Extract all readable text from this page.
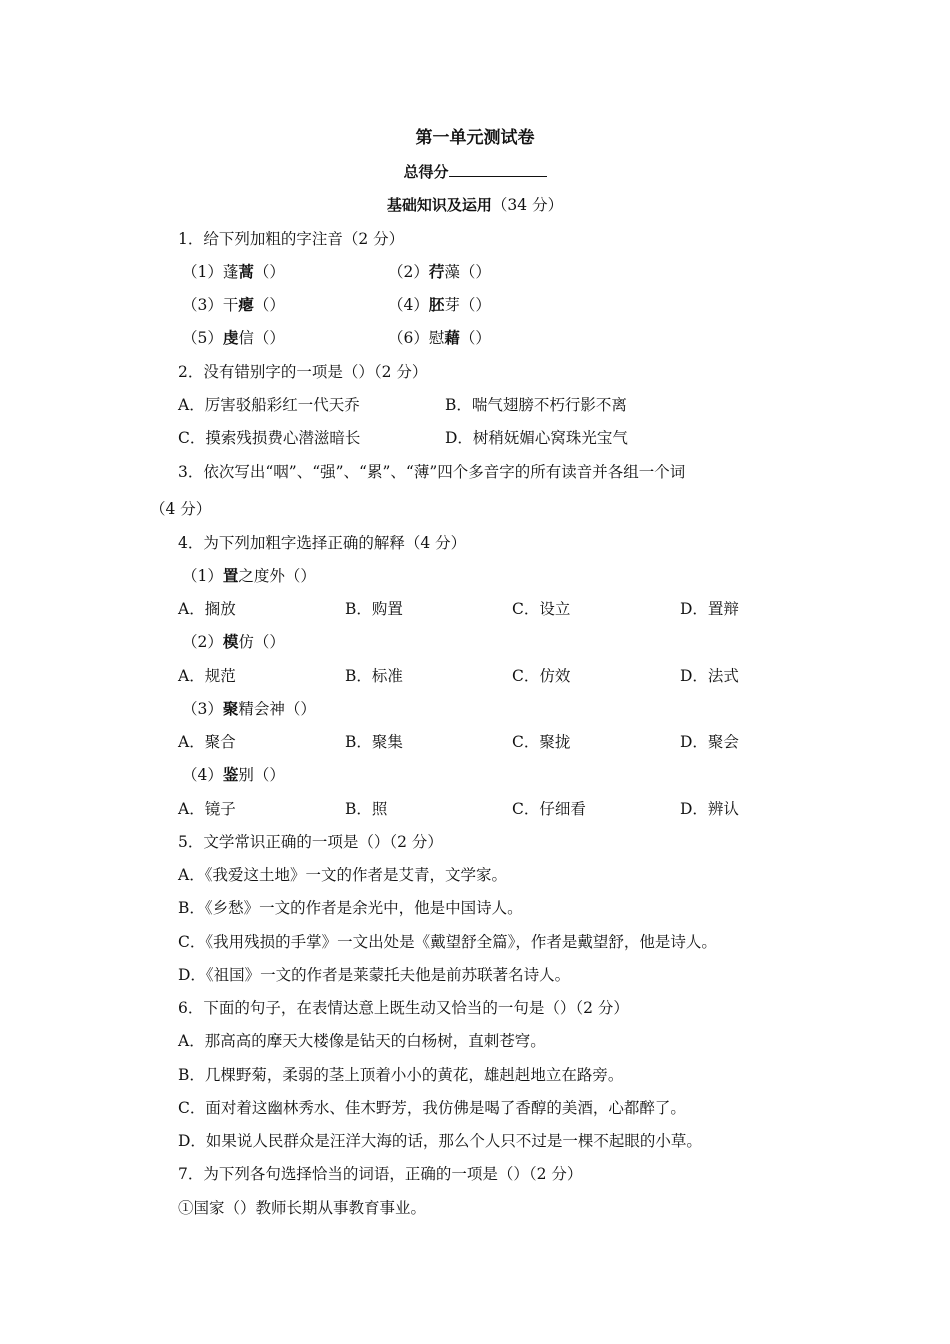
第一单元测试卷
总得分
基础知识及运用（34 分）
1．给下列加粗的字注音（2 分）
（1）蓬蒿（）	（2）荇藻（）
（3）干瘪（）	（4）胚芽（）
（5）虔信（）	（6）慰藉（）
2．没有错别字的一项是（）（2 分）
A．厉害驳船彩红一代天乔	B．喘气翅膀不朽行影不离
C．摸索残损费心潜滋暗长	D．树稍妩媚心窝珠光宝气
3．依次写出“咽”、“强”、“累”、“薄”四个多音字的所有读音并各组一个词
（4 分）
4．为下列加粗字选择正确的解释（4 分）
（1）置之度外（）
A．搁放	B．购置	C．设立	D．置辩
（2）模仿（）
A．规范	B．标准	C．仿效	D．法式
（3）聚精会神（）
A．聚合	B．聚集	C．聚拢	D．聚会
（4）鉴别（）
A．镜子	B．照	C．仔细看	D．辨认
5．文学常识正确的一项是（）（2 分）
A．《我爱这土地》一文的作者是艾青，文学家。
B．《乡愁》一文的作者是余光中，他是中国诗人。
C．《我用残损的手掌》一文出处是《戴望舒全篇》，作者是戴望舒，他是诗人。
D．《祖国》一文的作者是莱蒙托夫他是前苏联著名诗人。
6．下面的句子，在表情达意上既生动又恰当的一句是（）（2 分）
A．那高高的摩天大楼像是钻天的白杨树，直刺苍穹。
B．几棵野菊，柔弱的茎上顶着小小的黄花，雄赳赳地立在路旁。
C．面对着这幽林秀水、佳木野芳，我仿佛是喝了香醇的美酒，心都醉了。
D．如果说人民群众是汪洋大海的话，那么个人只不过是一棵不起眼的小草。
7．为下列各句选择恰当的词语，正确的一项是（）（2 分）
①国家（）教师长期从事教育事业。
